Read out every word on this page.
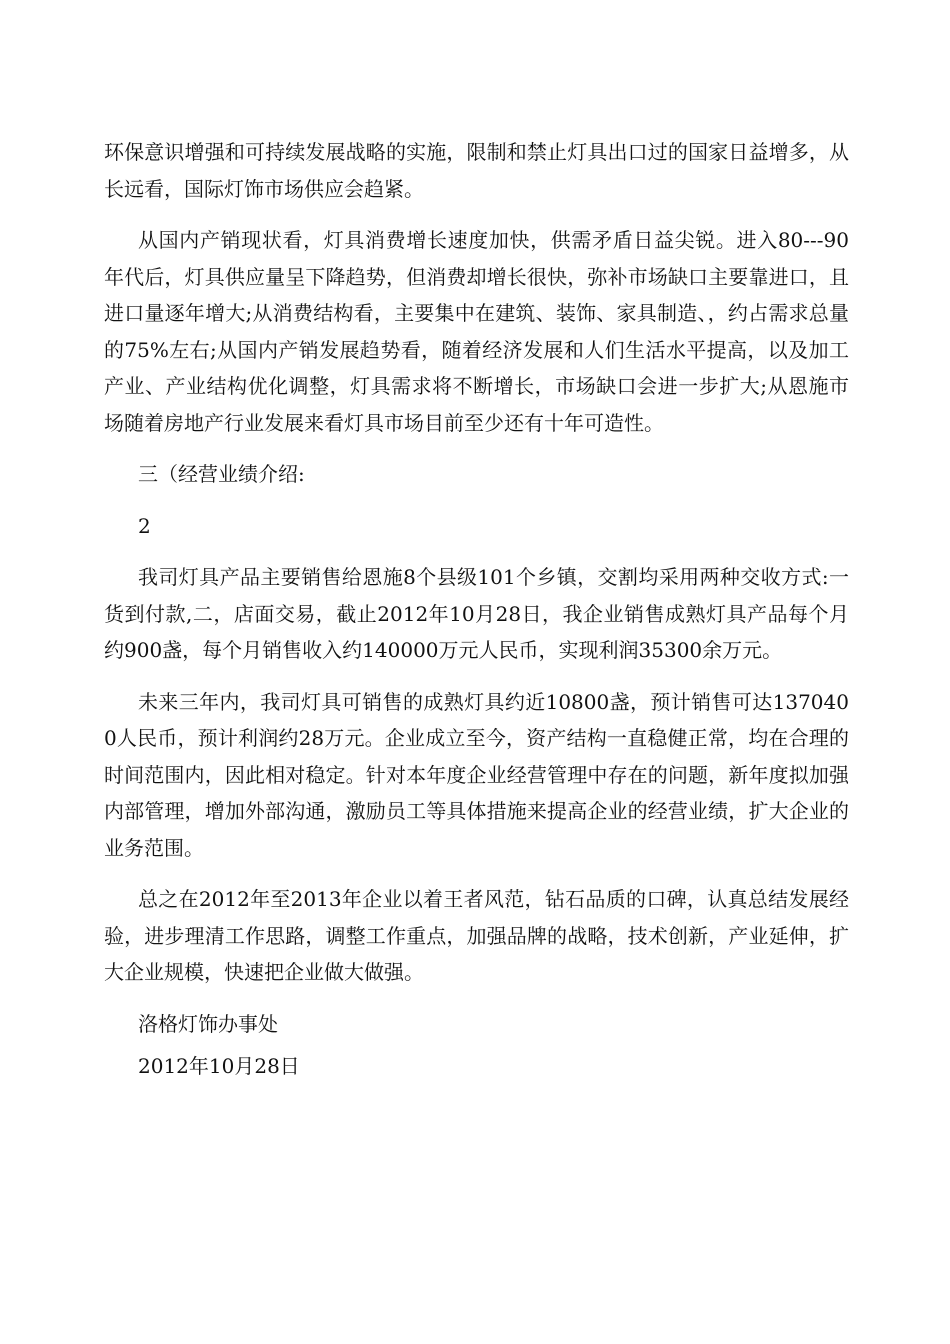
环保意识增强和可持续发展战略的实施，限制和禁止灯具出口过的国家日益增多，从长远看，国际灯饰市场供应会趋紧。

从国内产销现状看，灯具消费增长速度加快，供需矛盾日益尖锐。进入80---90年代后，灯具供应量呈下降趋势，但消费却增长很快，弥补市场缺口主要靠进口，且进口量逐年增大;从消费结构看，主要集中在建筑、装饰、家具制造、，约占需求总量的75%左右;从国内产销发展趋势看，随着经济发展和人们生活水平提高，以及加工产业、产业结构优化调整，灯具需求将不断增长，市场缺口会进一步扩大;从恩施市场随着房地产行业发展来看灯具市场目前至少还有十年可造性。

三（经营业绩介绍:
2

我司灯具产品主要销售给恩施8个县级101个乡镇，交割均采用两种交收方式:一货到付款,二，店面交易，截止2012年10月28日，我企业销售成熟灯具产品每个月约900盏，每个月销售收入约140000万元人民币，实现利润35300余万元。

未来三年内，我司灯具可销售的成熟灯具约近10800盏，预计销售可达1370400人民币，预计利润约28万元。企业成立至今，资产结构一直稳健正常，均在合理的时间范围内，因此相对稳定。针对本年度企业经营管理中存在的问题，新年度拟加强内部管理，增加外部沟通，激励员工等具体措施来提高企业的经营业绩，扩大企业的业务范围。

总之在2012年至2013年企业以着王者风范，钻石品质的口碑，认真总结发展经验，进步理清工作思路，调整工作重点，加强品牌的战略，技术创新，产业延伸，扩大企业规模，快速把企业做大做强。

洛格灯饰办事处
2012年10月28日
